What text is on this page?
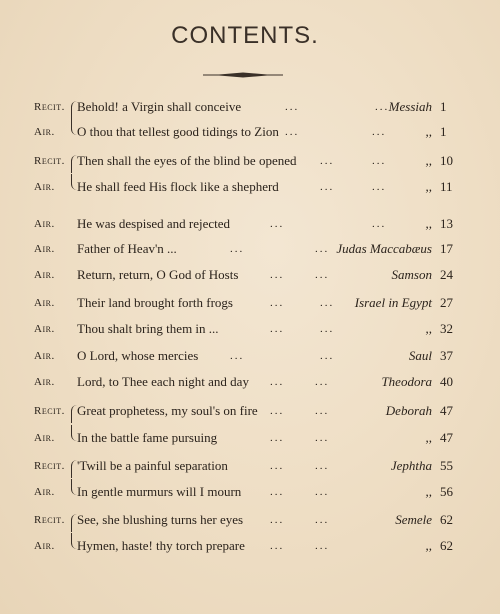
CONTENTS.
Recit. Behold! a Virgin shall conceive	...	... Messiah 1
Air. O thou that tellest good tidings to Zion ...	...	,, 1
Recit. Then shall the eyes of the blind be opened ...	...	,, 10
Air. He shall feed His flock like a shepherd	...	...	,, 11
Air. He was despised and rejected	...	...	,, 13
Air. Father of Heav'n ...	...	... Judas Maccabæus 17
Air. Return, return, O God of Hosts	...	...	Samson 24
Air. Their land brought forth frogs	...	... Israel in Egypt 27
Air. Thou shalt bring them in ...	...	...	,, 32
Air. O Lord, whose mercies	...	...	Saul 37
Air. Lord, to Thee each night and day ...	...	Theodora 40
Recit. Great prophetess, my soul's on fire ...	...	Deborah 47
Air. In the battle fame pursuing	...	...	,, 47
Recit. 'Twill be a painful separation	...	...	Jephtha 55
Air. In gentle murmurs will I mourn	...	...	,, 56
Recit. See, she blushing turns her eyes ...	...	Semele 62
Air. Hymen, haste! thy torch prepare ...	...	,, 62
